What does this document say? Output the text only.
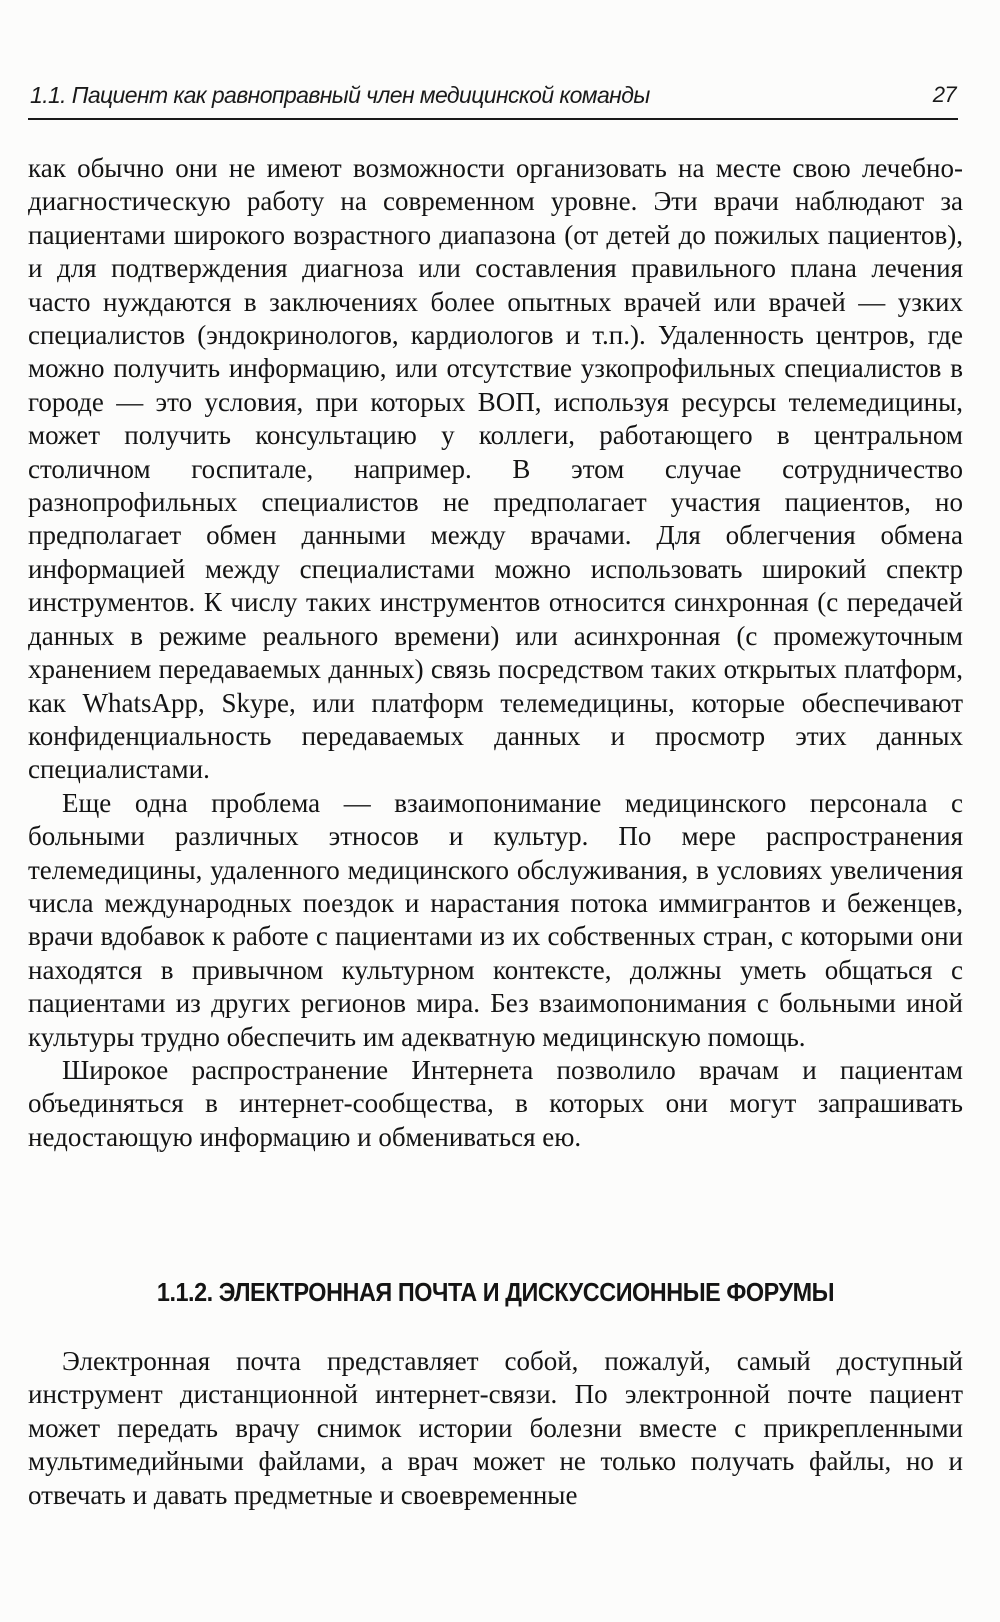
1.1. Пациент как равноправный член медицинской команды	27

как обычно они не имеют возможности организовать на месте свою лечебно-диагностическую работу на современном уровне. Эти врачи наблюдают за пациентами широкого возрастного диапазона (от детей до пожилых пациентов), и для подтверждения диагноза или составления правильного плана лечения часто нуждаются в заключениях более опытных врачей или врачей — узких специалистов (эндокринологов, кардиологов и т.п.). Удаленность центров, где можно получить информацию, или отсутствие узкопрофильных специалистов в городе — это условия, при которых ВОП, используя ресурсы телемедицины, может получить консультацию у коллеги, работающего в центральном столичном госпитале, например. В этом случае сотрудничество разнопрофильных специалистов не предполагает участия пациентов, но предполагает обмен данными между врачами. Для облегчения обмена информацией между специалистами можно использовать широкий спектр инструментов. К числу таких инструментов относится синхронная (с передачей данных в режиме реального времени) или асинхронная (с промежуточным хранением передаваемых данных) связь посредством таких открытых платформ, как WhatsApp, Skype, или платформ телемедицины, которые обеспечивают конфиденциальность передаваемых данных и просмотр этих данных специалистами.

Еще одна проблема — взаимопонимание медицинского персонала с больными различных этносов и культур. По мере распространения телемедицины, удаленного медицинского обслуживания, в условиях увеличения числа международных поездок и нарастания потока иммигрантов и беженцев, врачи вдобавок к работе с пациентами из их собственных стран, с которыми они находятся в привычном культурном контексте, должны уметь общаться с пациентами из других регионов мира. Без взаимопонимания с больными иной культуры трудно обеспечить им адекватную медицинскую помощь.

Широкое распространение Интернета позволило врачам и пациентам объединяться в интернет-сообщества, в которых они могут запрашивать недостающую информацию и обмениваться ею.

1.1.2. ЭЛЕКТРОННАЯ ПОЧТА И ДИСКУССИОННЫЕ ФОРУМЫ

Электронная почта представляет собой, пожалуй, самый доступный инструмент дистанционной интернет-связи. По электронной почте пациент может передать врачу снимок истории болезни вместе с прикрепленными мультимедийными файлами, а врач может не только получать файлы, но и отвечать и давать предметные и своевременные
